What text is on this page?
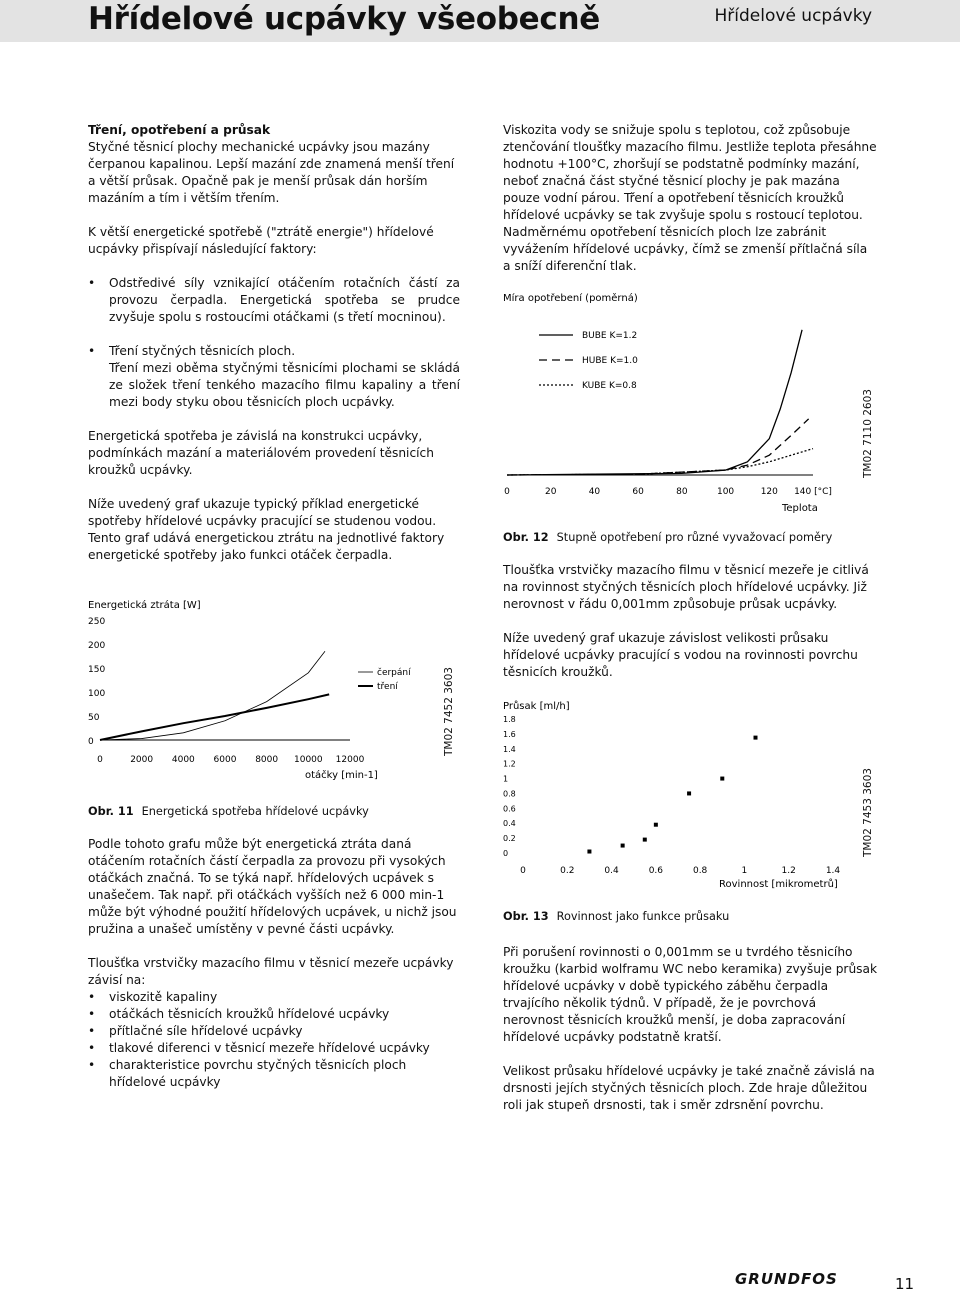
Hřídelové ucpávky všeobecně	Hřídelové ucpávky

Tření, opotřebení a průsak

Styčné těsnicí plochy mechanické ucpávky jsou mazány čerpanou kapalinou. Lepší mazání zde znamená menší tření a větší průsak. Opačně pak je menší průsak dán horším mazáním a tím i větším třením.

K větší energetické spotřebě ("ztrátě energie") hřídelové ucpávky přispívají následující faktory:

• Odstředivé síly vznikající otáčením rotačních částí za provozu čerpadla. Energetická spotřeba se prudce zvyšuje spolu s rostoucími otáčkami (s třetí mocninou).
• Tření styčných těsnicích ploch.
Tření mezi oběma styčnými těsnicími plochami se skládá ze složek tření tenkého mazacího filmu kapaliny a tření mezi body styku obou těsnicích ploch ucpávky.

Energetická spotřeba je závislá na konstrukci ucpávky, podmínkách mazání a materiálovém provedení těsnicích kroužků ucpávky.

Níže uvedený graf ukazuje typický příklad energetické spotřeby hřídelové ucpávky pracující se studenou vodou. Tento graf udává energetickou ztrátu na jednotlivé faktory energetické spotřeby jako funkci otáček čerpadla.

Energetická ztráta [W]
0
50
100
150
200
250
0	2000 4000 6000 8000 10000 12000
otáčky [min-1]
čerpání
tření	TM02 7452 3603
Obr. 11 Energetická spotřeba hřídelové ucpávky

Podle tohoto grafu může být energetická ztráta daná otáčením rotačních částí čerpadla za provozu při vysokých otáčkách značná. To se týká např. hřídelových ucpávek s unašečem. Tak např. při otáčkách vyšších než 6 000 min-1 může být výhodné použití hřídelových ucpávek, u nichž jsou pružina a unašeč umístěny v pevné části ucpávky.

Tloušťka vrstvičky mazacího filmu v těsnicí mezeře ucpávky závisí na:

• viskozitě kapaliny
• otáčkách těsnicích kroužků hřídelové ucpávky
• přítlačné síle hřídelové ucpávky
• tlakové diferenci v těsnicí mezeře hřídelové ucpávky
• charakteristice povrchu styčných těsnicích ploch hřídelové ucpávky

Viskozita vody se snižuje spolu s teplotou, což způsobuje ztenčování tloušťky mazacího filmu. Jestliže teplota přesáhne hodnotu +100°C, zhoršují se podstatně podmínky mazání, neboť značná část styčné těsnicí plochy je pak mazána pouze vodní párou. Tření a opotřebení těsnicích kroužků hřídelové ucpávky se tak zvyšuje spolu s rostoucí teplotou. Nadměrnému opotřebení těsnicích ploch lze zabránit vyvážením hřídelové ucpávky, čímž se zmenší přítlačná síla a sníží diferenční tlak.

Míra opotřebení (poměrná)
0	20	40	60	80	100	120 140 [°C]
Teplota
BUBE K=1.2
HUBE K=1.0
KUBE K=0.8
TM02 7110 2603
Obr. 12 Stupně opotřebení pro různé vyvažovací poměry

Tloušťka vrstvičky mazacího filmu v těsnicí mezeře je citlivá na rovinnost styčných těsnicích ploch hřídelové ucpávky. Již nerovnost v řádu 0,001mm způsobuje průsak ucpávky.

Níže uvedený graf ukazuje závislost velikosti průsaku hřídelové ucpávky pracující s vodou na rovinnosti povrchu těsnicích kroužků.

Průsak [ml/h]
0
0.2
0.4
0.6
0.8
1
1.2
1.4
1.6
1.8
0	0.2	0.4	0.6	0.8	1	1.2	1.4
Rovinnost [mikrometrů]
TM02 7453 3603
Obr. 13 Rovinnost jako funkce průsaku

Při porušení rovinnosti o 0,001mm se u tvrdého těsnicího kroužku (karbid wolframu WC nebo keramika) zvyšuje průsak hřídelové ucpávky v době typického záběhu čerpadla trvajícího několik týdnů. V případě, že je povrchová nerovnost těsnicích kroužků menší, je doba zapracování hřídelové ucpávky podstatně kratší.

Velikost průsaku hřídelové ucpávky je také značně závislá na drsnosti jejích styčných těsnicích ploch. Zde hraje důležitou roli jak stupeň drsnosti, tak i směr zdrsnění povrchu.

GRUNDFOS	11
